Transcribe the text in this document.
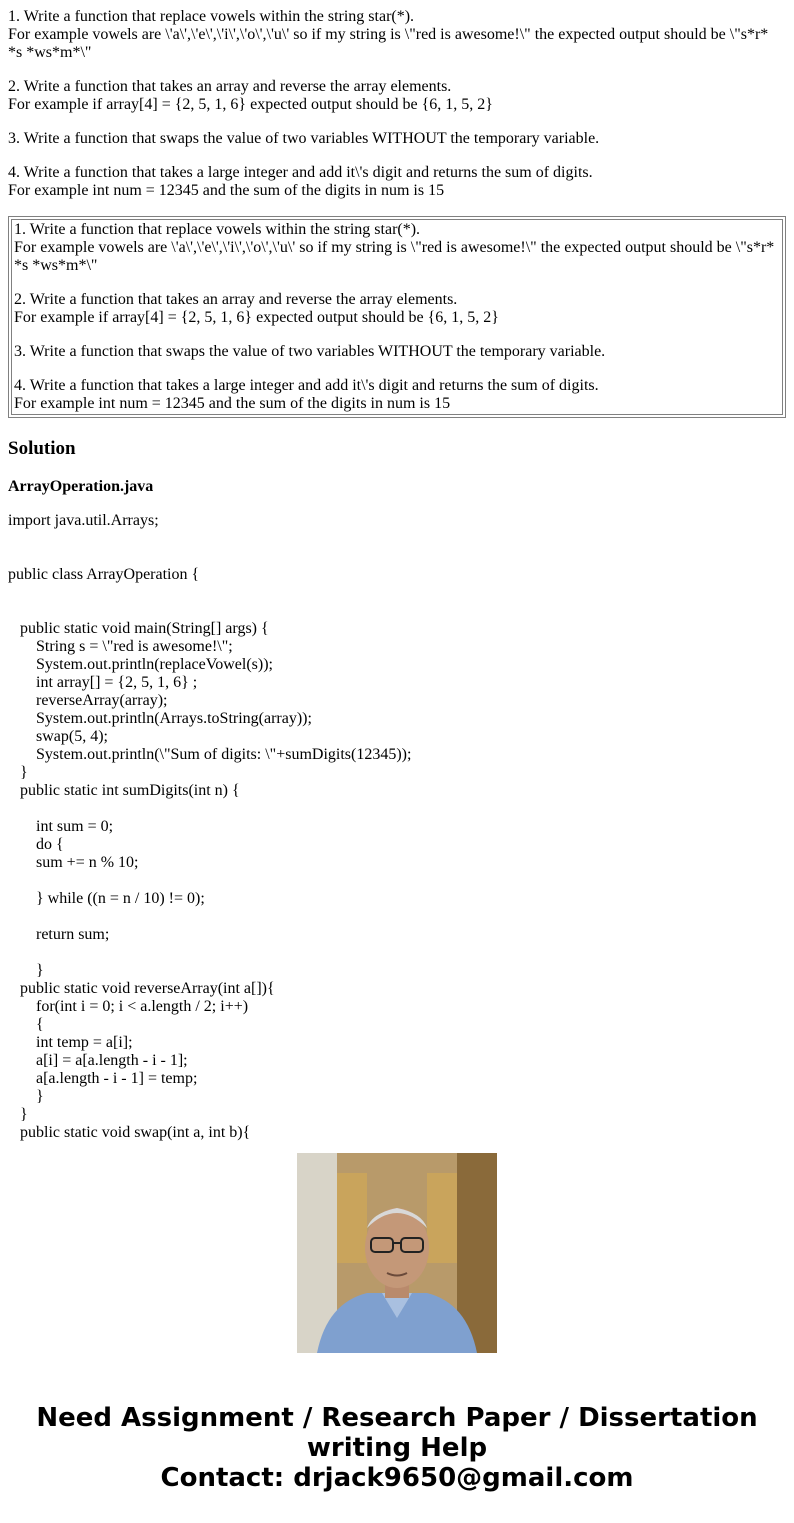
1. Write a function that replace vowels within the string star(*).
For example vowels are \'a\',\'e\',\'i\',\'o\',\'u\' so if my string is \"red is awesome!\" the expected output should be \"s*r* *s *ws*m*\"
2. Write a function that takes an array and reverse the array elements.
For example if array[4] = {2, 5, 1, 6} expected output should be {6, 1, 5, 2}
3. Write a function that swaps the value of two variables WITHOUT the temporary variable.
4. Write a function that takes a large integer and add it\'s digit and returns the sum of digits.
For example int num = 12345 and the sum of the digits in num is 15
1. Write a function that replace vowels within the string star(*).
For example vowels are \'a\',\'e\',\'i\',\'o\',\'u\' so if my string is \"red is awesome!\" the expected output should be \"s*r* *s *ws*m*\"
2. Write a function that takes an array and reverse the array elements.
For example if array[4] = {2, 5, 1, 6} expected output should be {6, 1, 5, 2}
3. Write a function that swaps the value of two variables WITHOUT the temporary variable.
4. Write a function that takes a large integer and add it\'s digit and returns the sum of digits.
For example int num = 12345 and the sum of the digits in num is 15
Solution
ArrayOperation.java
import java.util.Arrays;
public class ArrayOperation {
public static void main(String[] args) {
String s = \"red is awesome!\";
System.out.println(replaceVowel(s));
int array[] = {2, 5, 1, 6} ;
reverseArray(array);
System.out.println(Arrays.toString(array));
swap(5, 4);
System.out.println(\"Sum of digits: \"+sumDigits(12345));
}
public static int sumDigits(int n) {
int sum = 0;
do {
sum += n % 10;
} while ((n = n / 10) != 0);
return sum;
}
public static void reverseArray(int a[]){
for(int i = 0; i < a.length / 2; i++)
{
int temp = a[i];
a[i] = a[a.length - i - 1];
a[a.length - i - 1] = temp;
}
}
public static void swap(int a, int b){
Need Assignment / Research Paper / Dissertation writing Help
Contact: drjack9650@gmail.com
